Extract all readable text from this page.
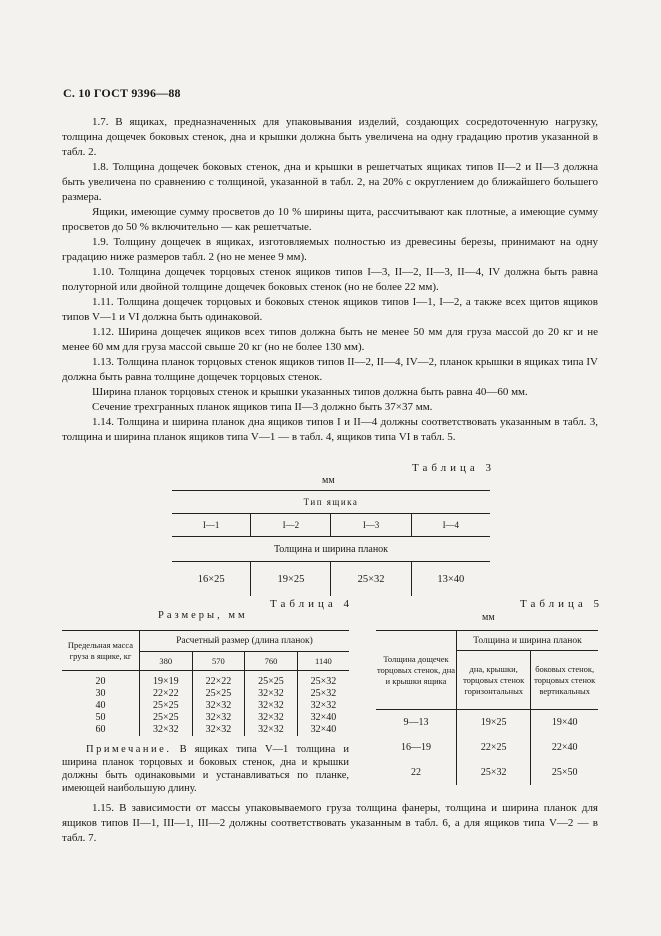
С. 10 ГОСТ 9396—88

1.7. В ящиках, предназначенных для упаковывания изделий, создающих сосредоточенную нагрузку, толщина дощечек боковых стенок, дна и крышки должна быть увеличена на одну градацию против указанной в табл. 2.

1.8. Толщина дощечек боковых стенок, дна и крышки в решетчатых ящиках типов II—2 и II—3 должна быть увеличена по сравнению с толщиной, указанной в табл. 2, на 20% с округлением до ближайшего большего размера.

Ящики, имеющие сумму просветов до 10 % ширины щита, рассчитывают как плотные, а имеющие сумму просветов до 50 % включительно — как решетчатые.

1.9. Толщину дощечек в ящиках, изготовляемых полностью из древесины березы, принимают на одну градацию ниже размеров табл. 2 (но не менее 9 мм).

1.10. Толщина дощечек торцовых стенок ящиков типов I—3, II—2, II—3, II—4, IV должна быть равна полуторной или двойной толщине дощечек боковых стенок (но не более 22 мм).

1.11. Толщина дощечек торцовых и боковых стенок ящиков типов I—1, I—2, а также всех щитов ящиков типов V—1 и VI должна быть одинаковой.

1.12. Ширина дощечек ящиков всех типов должна быть не менее 50 мм для груза массой до 20 кг и не менее 60 мм для груза массой свыше 20 кг (но не более 130 мм).

1.13. Толщина планок торцовых стенок ящиков типов II—2, II—4, IV—2, планок крышки в ящиках типа IV должна быть равна толщине дощечек торцовых стенок.

Ширина планок торцовых стенок и крышки указанных типов должна быть равна 40—60 мм.

Сечение трехгранных планок ящиков типа II—3 должно быть 37×37 мм.

1.14. Толщина и ширина планок дна ящиков типов I и II—4 должны соответствовать указанным в табл. 3, толщина и ширина планок ящиков типа V—1 — в табл. 4, ящиков типа VI в табл. 5.

Таблица 3
мм
Тип ящика			
I—1	I—2	I—3	I—4
Толщина и ширина планок			
16×25	19×25	25×32	13×40
Таблица 4
Размеры, мм
Предельная масса груза в ящике, кг	Расчетный размер (длина планок)			
	380	570	760	1140
20	19×19	22×22	25×25	25×32
30	22×22	25×25	32×32	25×32
40	25×25	32×32	32×32	32×32
50	25×25	32×32	32×32	32×40
60	32×32	32×32	32×32	32×40
Таблица 5
мм
Толщина дощечек торцовых стенок, дна и крышки ящика	Толщина и ширина планок	
	дна, крышки, торцовых стенок горизонтальных	боковых стенок, торцовых стенок вертикальных
9—13	19×25	19×40
16—19	22×25	22×40
22	25×32	25×50
Примечание. В ящиках типа V—1 толщина и ширина планок торцовых и боковых стенок, дна и крышки должны быть одинаковыми и устанавливаться по планке, имеющей наибольшую длину.
1.15. В зависимости от массы упаковываемого груза толщина фанеры, толщина и ширина планок для ящиков типов II—1, III—1, III—2 должны соответствовать указанным в табл. 6, а для ящиков типа V—2 — в табл. 7.
